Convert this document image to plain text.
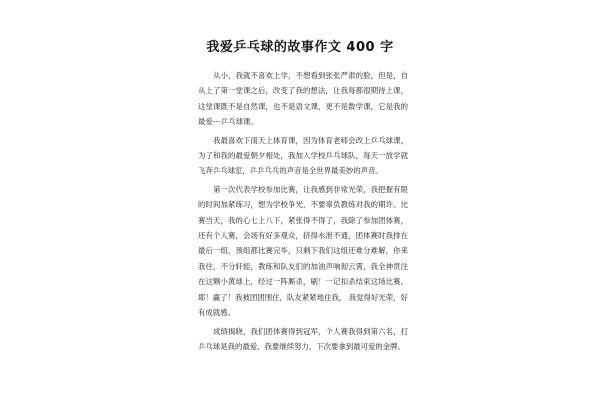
我爱乒乓球的故事作文 400 字

从小，我就不喜欢上学，不想看到张张严肃的脸，但是，自从上了第一堂课之后，改变了我的想法，让我每都很期待上课，这堂课既不是自然课，也不是语文课，更不是数学课，它是我的最爱---乒乓球课。

我最喜欢下雨天上体育课，因为体育老师会改上乒乓球课。为了和我的最爱朝夕相处，我加入学校乒乓球队，每天一放学就飞奔乒乓球室，乒乒乓乓的声音是全世界最美妙的声音。

第一次代表学校参加比赛，让我感到非常光荣，我把握有限的时间加紧练习，想为学校争光，不要辜负教练对我的期许。比赛当天，我的心七上八下，紧张得不得了，我除了参加团体赛，还有个人赛，会场有好多观众，挤得水泄不通，团体赛时我排在最后一组，预组都比赛完毕，只剩下我们这组还难分难解，你来我往，不分轩轾，教练和队友们的加油声响彻云霄，我全神贯注在这颗小黄球上，经过一阵厮杀，刷！一记扣杀结束这场比赛，耶！赢了！我被团团围住，队友紧紧地住我， 我觉得好光荣，好有成就感。

成绩揭晓，我们团体赛得到冠军，个人赛我得到第六名，打乒乓球是我的最爱，我要继续努力，下次要拿到最可爱的金牌。
